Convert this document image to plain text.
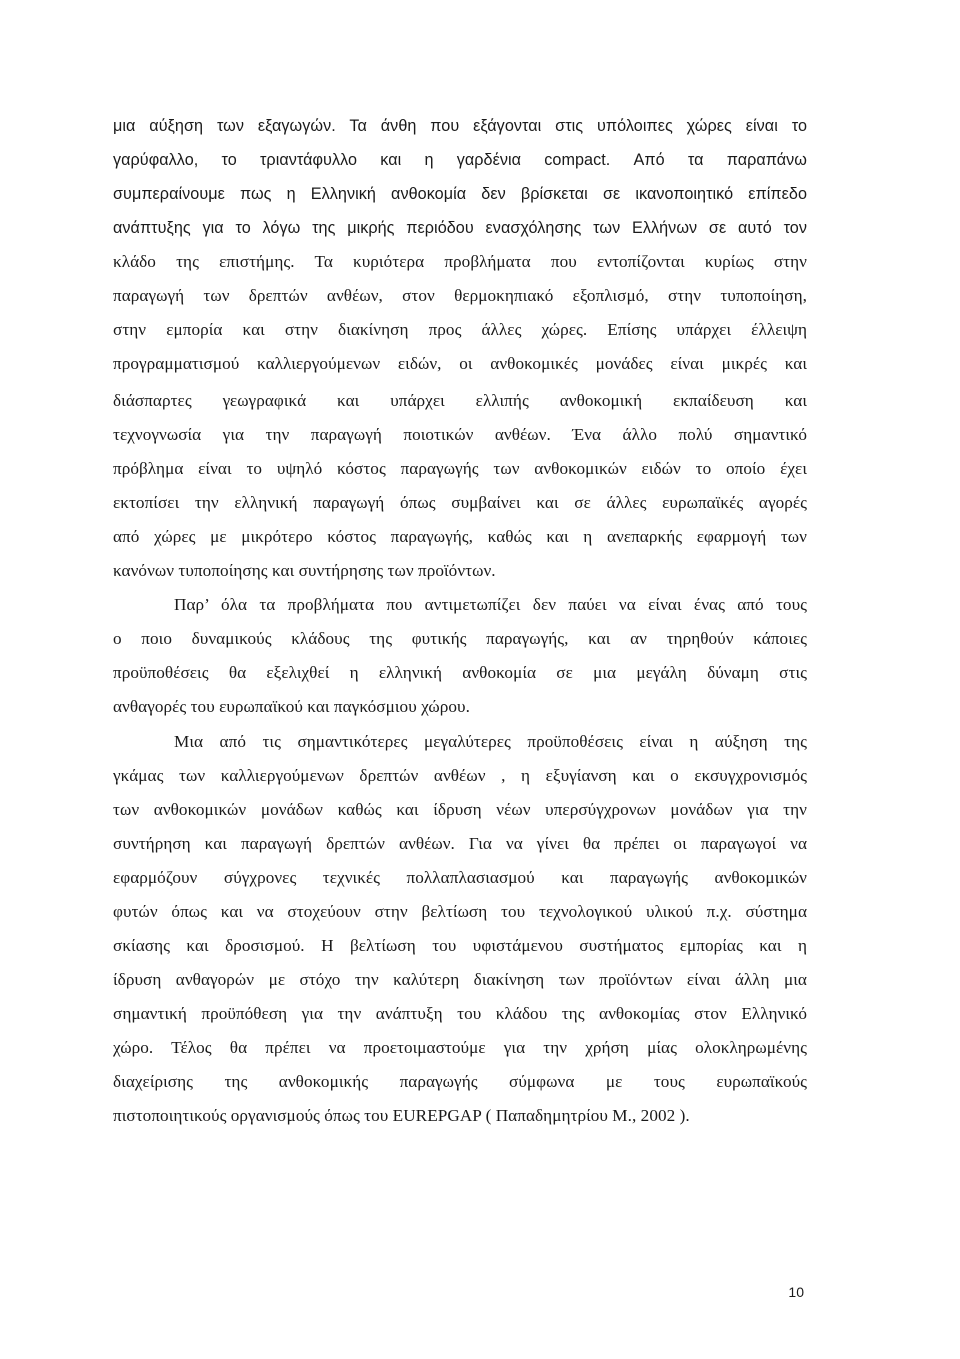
μια αύξηση των εξαγωγών. Τα άνθη που εξάγονται στις υπόλοιπες χώρες είναι το
γαρύφαλλο, το τριαντάφυλλο και η γαρδένια compact. Από τα παραπάνω
συμπεραίνουμε πως η Ελληνική ανθοκομία δεν βρίσκεται σε ικανοποιητικό επίπεδο
ανάπτυξης για το λόγω της μικρής περιόδου ενασχόλησης των Ελλήνων σε αυτό τον
κλάδο της επιστήμης. Τα κυριότερα προβλήματα που εντοπίζονται κυρίως στην
παραγωγή των δρεπτών ανθέων, στον θερμοκηπιακό εξοπλισμό, στην τυποποίηση,
στην εμπορία και στην διακίνηση προς άλλες χώρες. Επίσης υπάρχει έλλειψη
προγραμματισμού καλλιεργούμενων ειδών, οι ανθοκομικές μονάδες είναι μικρές και
διάσπαρτες γεωγραφικά και υπάρχει ελλιπής ανθοκομική εκπαίδευση και
τεχνογνωσία για την παραγωγή ποιοτικών ανθέων. Ένα άλλο πολύ σημαντικό
πρόβλημα είναι το υψηλό κόστος παραγωγής των ανθοκομικών ειδών το οποίο έχει
εκτοπίσει την ελληνική παραγωγή όπως συμβαίνει και σε άλλες ευρωπαϊκές αγορές
από χώρες με μικρότερο κόστος παραγωγής, καθώς και η ανεπαρκής εφαρμογή των
κανόνων τυποποίησης και συντήρησης των προϊόντων.
Παρ’ όλα τα προβλήματα που αντιμετωπίζει δεν παύει να είναι ένας από τους
ο ποιο δυναμικούς κλάδους της φυτικής παραγωγής, και αν τηρηθούν κάποιες
προϋποθέσεις θα εξελιχθεί η ελληνική ανθοκομία σε μια μεγάλη δύναμη στις
ανθαγορές του ευρωπαϊκού και παγκόσμιου χώρου.
Μια από τις σημαντικότερες μεγαλύτερες προϋποθέσεις είναι η αύξηση της
γκάμας των καλλιεργούμενων δρεπτών ανθέων , η εξυγίανση και ο εκσυγχρονισμός
των ανθοκομικών μονάδων καθώς και ίδρυση νέων υπερσύγχρονων μονάδων για την
συντήρηση και παραγωγή δρεπτών ανθέων. Για να γίνει θα πρέπει οι παραγωγοί να
εφαρμόζουν σύγχρονες τεχνικές πολλαπλασιασμού και παραγωγής ανθοκομικών
φυτών όπως και να στοχεύουν στην βελτίωση του τεχνολογικού υλικού π.χ. σύστημα
σκίασης και δροσισμού. Η βελτίωση του υφιστάμενου συστήματος εμπορίας και η
ίδρυση ανθαγορών με στόχο την καλύτερη διακίνηση των προϊόντων είναι άλλη μια
σημαντική προϋπόθεση για την ανάπτυξη του κλάδου της ανθοκομίας στον Ελληνικό
χώρο. Τέλος θα πρέπει να προετοιμαστούμε για την χρήση μίας ολοκληρωμένης
διαχείρισης της ανθοκομικής παραγωγής σύμφωνα με τους ευρωπαϊκούς
πιστοποιητικούς οργανισμούς όπως του EUREPGAP ( Παπαδημητρίου Μ., 2002 ).
10
